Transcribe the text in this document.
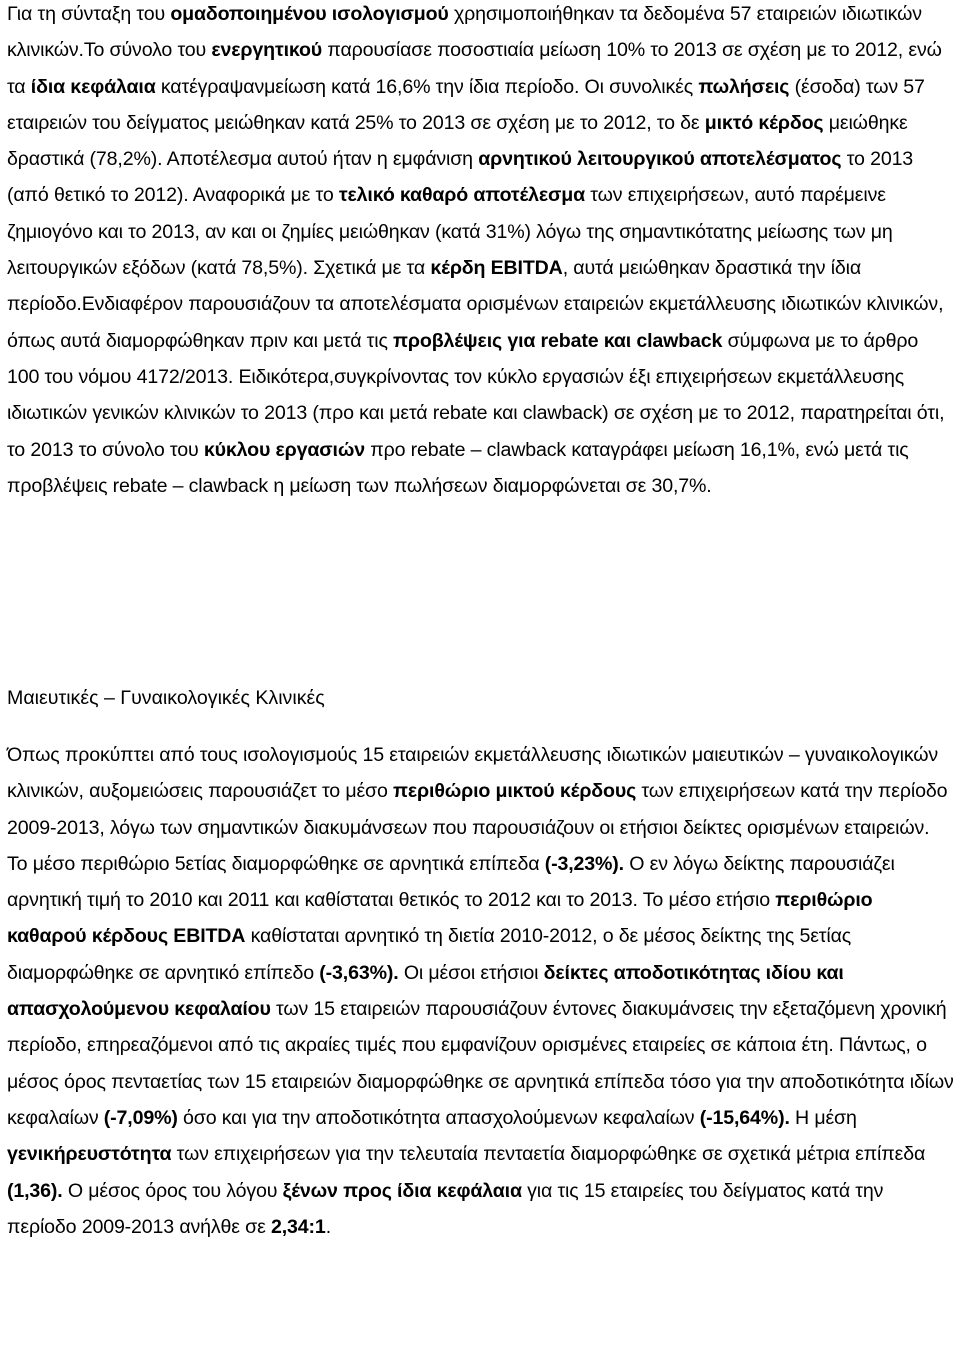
Για τη σύνταξη του ομαδοποιημένου ισολογισμού χρησιμοποιήθηκαν τα δεδομένα 57 εταιρειών ιδιωτικών κλινικών.Το σύνολο του ενεργητικού παρουσίασε ποσοστιαία μείωση 10% το 2013 σε σχέση με το 2012, ενώ τα ίδια κεφάλαια κατέγραψανμείωση κατά 16,6% την ίδια περίοδο. Οι συνολικές πωλήσεις (έσοδα) των 57 εταιρειών του δείγματος μειώθηκαν κατά 25% το 2013 σε σχέση με το 2012, το δε μικτό κέρδος μειώθηκε δραστικά (78,2%). Αποτέλεσμα αυτού ήταν η εμφάνιση αρνητικού λειτουργικού αποτελέσματος το 2013 (από θετικό το 2012). Αναφορικά με το τελικό καθαρό αποτέλεσμα των επιχειρήσεων, αυτό παρέμεινε ζημιογόνο και το 2013, αν και οι ζημίες μειώθηκαν (κατά 31%) λόγω της σημαντικότατης μείωσης των μη λειτουργικών εξόδων (κατά 78,5%). Σχετικά με τα κέρδη EBITDA, αυτά μειώθηκαν δραστικά την ίδια περίοδο.Ενδιαφέρον παρουσιάζουν τα αποτελέσματα ορισμένων εταιρειών εκμετάλλευσης ιδιωτικών κλινικών, όπως αυτά διαμορφώθηκαν πριν και μετά τις προβλέψεις για rebate και clawback σύμφωνα με το άρθρο 100 του νόμου 4172/2013. Ειδικότερα,συγκρίνοντας τον κύκλο εργασιών έξι επιχειρήσεων εκμετάλλευσης ιδιωτικών γενικών κλινικών το 2013 (προ και μετά rebate και clawback) σε σχέση με το 2012, παρατηρείται ότι, το 2013 το σύνολο του κύκλου εργασιών προ rebate – clawback καταγράφει μείωση 16,1%, ενώ μετά τις προβλέψεις rebate – clawback η μείωση των πωλήσεων διαμορφώνεται σε 30,7%.

Μαιευτικές – Γυναικολογικές Κλινικές

Όπως προκύπτει από τους ισολογισμούς 15 εταιρειών εκμετάλλευσης ιδιωτικών μαιευτικών – γυναικολογικών κλινικών, αυξομειώσεις παρουσιάζετ το μέσο περιθώριο μικτού κέρδους των επιχειρήσεων κατά την περίοδο 2009-2013, λόγω των σημαντικών διακυμάνσεων που παρουσιάζουν οι ετήσιοι δείκτες ορισμένων εταιρειών. Το μέσο περιθώριο 5ετίας διαμορφώθηκε σε αρνητικά επίπεδα (-3,23%). Ο εν λόγω δείκτης παρουσιάζει αρνητική τιμή το 2010 και 2011 και καθίσταται θετικός το 2012 και το 2013. Το μέσο ετήσιο περιθώριο καθαρού κέρδους EBITDA καθίσταται αρνητικό τη διετία 2010-2012, ο δε μέσος δείκτης της 5ετίας διαμορφώθηκε σε αρνητικό επίπεδο (-3,63%). Οι μέσοι ετήσιοι δείκτες αποδοτικότητας ιδίου και απασχολούμενου κεφαλαίου των 15 εταιρειών παρουσιάζουν έντονες διακυμάνσεις την εξεταζόμενη χρονική περίοδο, επηρεαζόμενοι από τις ακραίες τιμές που εμφανίζουν ορισμένες εταιρείες σε κάποια έτη. Πάντως, ο μέσος όρος πενταετίας των 15 εταιρειών διαμορφώθηκε σε αρνητικά επίπεδα τόσο για την αποδοτικότητα ιδίων κεφαλαίων (-7,09%) όσο και για την αποδοτικότητα απασχολούμενων κεφαλαίων (-15,64%). Η μέση γενικήρευστότητα των επιχειρήσεων για την τελευταία πενταετία διαμορφώθηκε σε σχετικά μέτρια επίπεδα (1,36). Ο μέσος όρος του λόγου ξένων προς ίδια κεφάλαια για τις 15 εταιρείες του δείγματος κατά την περίοδο 2009-2013 ανήλθε σε 2,34:1.
